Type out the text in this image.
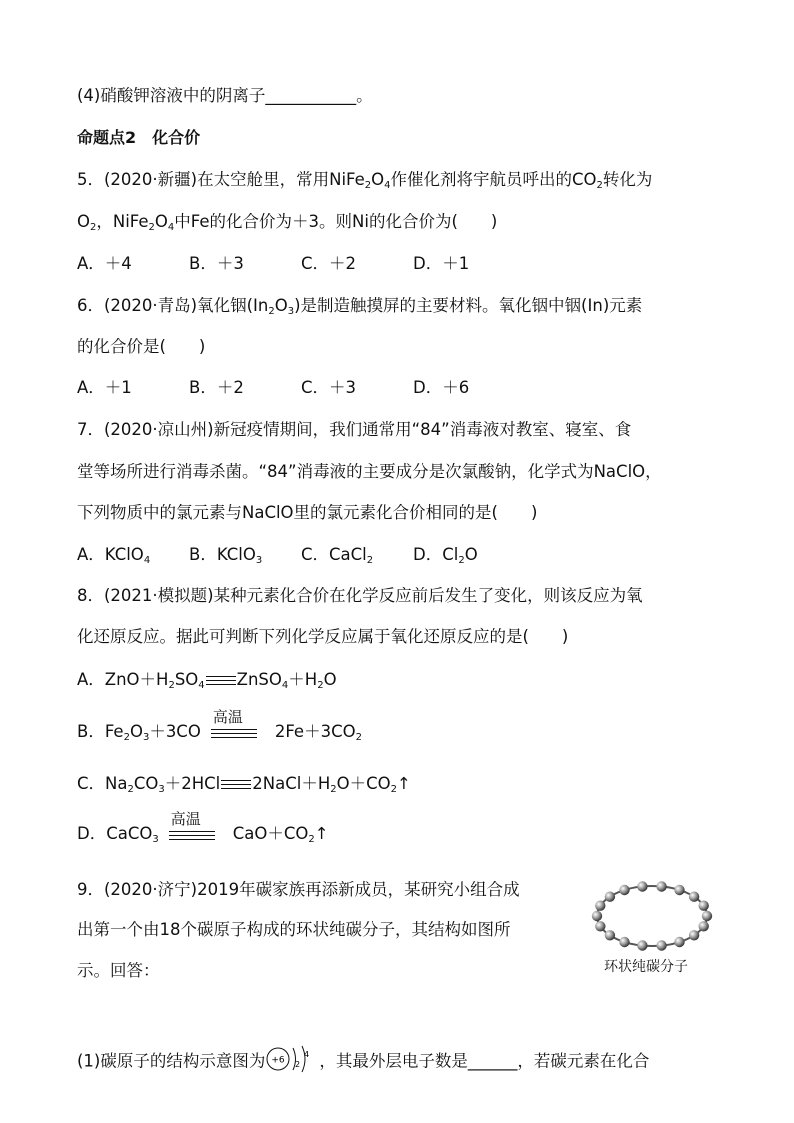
(4)硝酸钾溶液中的阴离子___________。
命题点2　化合价
5．(2020·新疆)在太空舱里，常用$NiFe_2O_4$作催化剂将宇航员呼出的$CO_2$转化为
$O_2$，$NiFe_2O_4$中Fe的化合价为＋3。则Ni的化合价为(　　)
A．＋4	B．＋3	C．＋2	D．＋1
6．(2020·青岛)氧化铟$(In_2O_3)$是制造触摸屏的主要材料。氧化铟中铟(In)元素
的化合价是(　　)
A．＋1	B．＋2	C．＋3	D．＋6
7．(2020·凉山州)新冠疫情期间，我们通常用“84”消毒液对教室、寝室、食
堂等场所进行消毒杀菌。“84”消毒液的主要成分是次氯酸钠，化学式为NaClO，
下列物质中的氯元素与NaClO里的氯元素化合价相同的是(　　)
A．KClO$_4$	B．KClO$_3$	C．CaCl$_2$	D．$Cl_2O$
8．(2021·模拟题)某种元素化合价在化学反应前后发生了变化，则该反应为氧
化还原反应。据此可判断下列化学反应属于氧化还原反应的是(　　)
A．$ZnO+H_2SO_4$ $ZnSO_4+H_2O$
B．$Fe_2O_3+3CO$
高温
$2Fe+3CO_2$
C．$Na_2CO_3+2HCl$ $2NaCl+H_2O+CO_2↑$
D．CaCO$_3$
高温
$CaO+CO_2↑$
9．(2020·济宁)2019年碳家族再添新成员，某研究小组合成
出第一个由18个碳原子构成的环状纯碳分子，其结构如图所
示。回答：	环状纯碳分子
(1)碳原子的结构示意图为 +6 2
4 ，其最外层电子数是______，若碳元素在化合
